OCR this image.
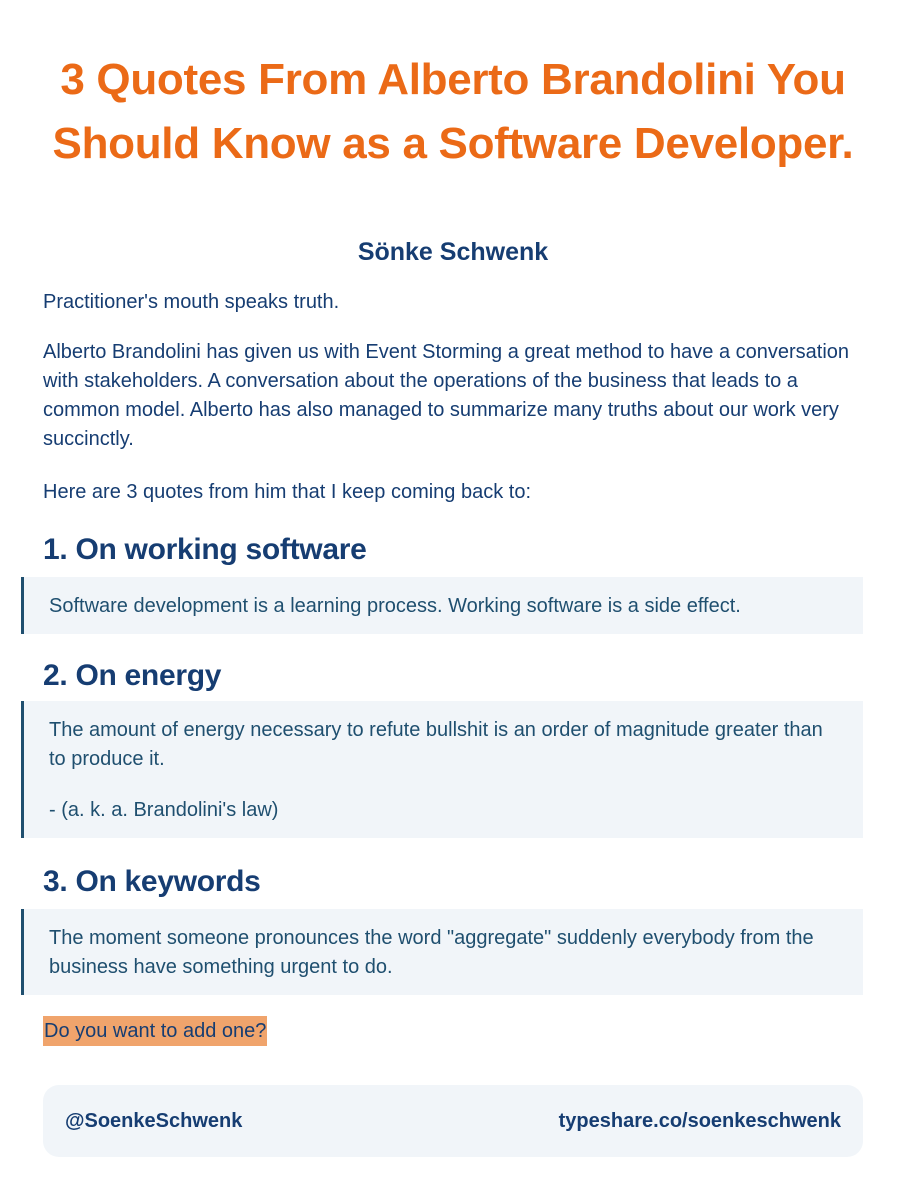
3 Quotes From Alberto Brandolini You Should Know as a Software Developer.
Sönke Schwenk

Practitioner's mouth speaks truth.

Alberto Brandolini has given us with Event Storming a great method to have a conversation with stakeholders. A conversation about the operations of the business that leads to a common model. Alberto has also managed to summarize many truths about our work very succinctly.

Here are 3 quotes from him that I keep coming back to:

1. On working software

Software development is a learning process. Working software is a side effect.

2. On energy

The amount of energy necessary to refute bullshit is an order of magnitude greater than to produce it.

- (a. k. a. Brandolini's law)

3. On keywords

The moment someone pronounces the word "aggregate" suddenly everybody from the business have something urgent to do.

Do you want to add one?

@SoenkeSchwenk	typeshare.co/soenkeschwenk
